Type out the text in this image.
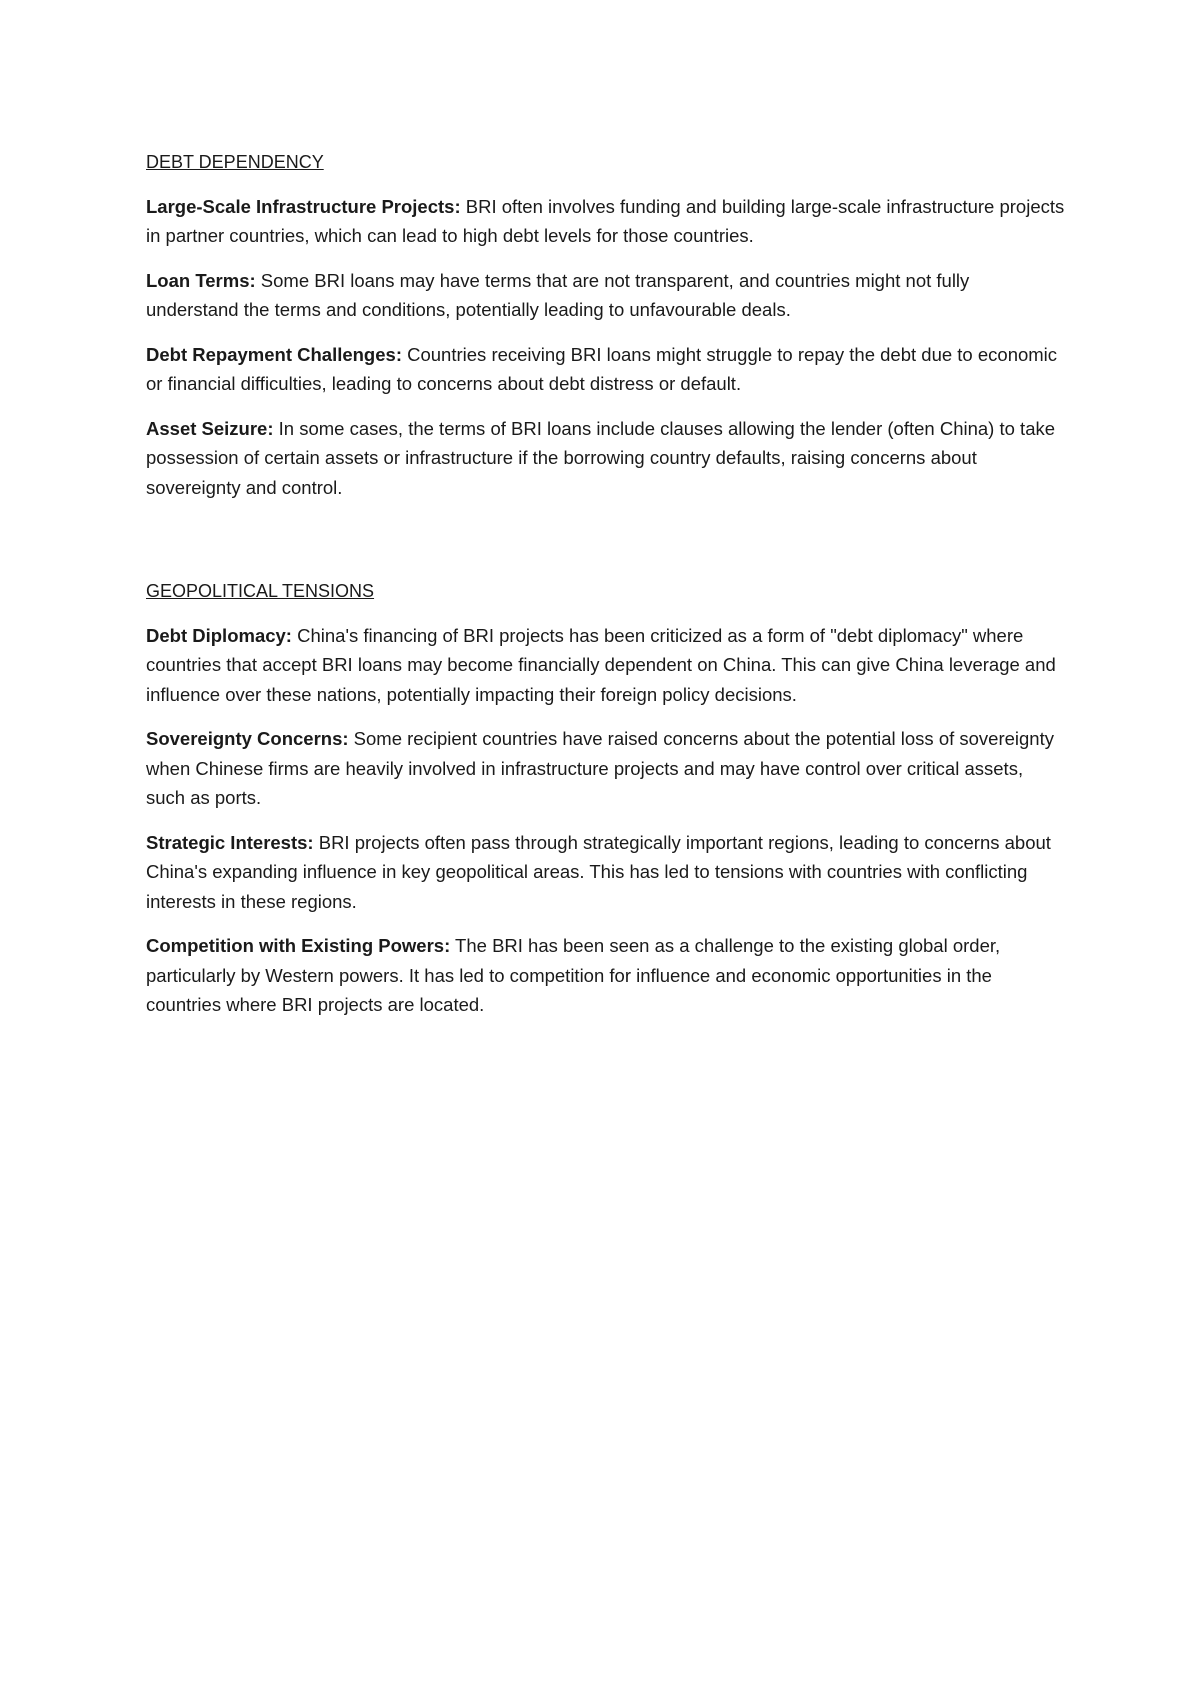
DEBT DEPENDENCY

Large-Scale Infrastructure Projects: BRI often involves funding and building large-scale infrastructure projects in partner countries, which can lead to high debt levels for those countries.

Loan Terms: Some BRI loans may have terms that are not transparent, and countries might not fully understand the terms and conditions, potentially leading to unfavourable deals.

Debt Repayment Challenges: Countries receiving BRI loans might struggle to repay the debt due to economic or financial difficulties, leading to concerns about debt distress or default.

Asset Seizure: In some cases, the terms of BRI loans include clauses allowing the lender (often China) to take possession of certain assets or infrastructure if the borrowing country defaults, raising concerns about sovereignty and control.

GEOPOLITICAL TENSIONS

Debt Diplomacy: China's financing of BRI projects has been criticized as a form of "debt diplomacy" where countries that accept BRI loans may become financially dependent on China. This can give China leverage and influence over these nations, potentially impacting their foreign policy decisions.

Sovereignty Concerns: Some recipient countries have raised concerns about the potential loss of sovereignty when Chinese firms are heavily involved in infrastructure projects and may have control over critical assets, such as ports.

Strategic Interests: BRI projects often pass through strategically important regions, leading to concerns about China's expanding influence in key geopolitical areas. This has led to tensions with countries with conflicting interests in these regions.

Competition with Existing Powers: The BRI has been seen as a challenge to the existing global order, particularly by Western powers. It has led to competition for influence and economic opportunities in the countries where BRI projects are located.
